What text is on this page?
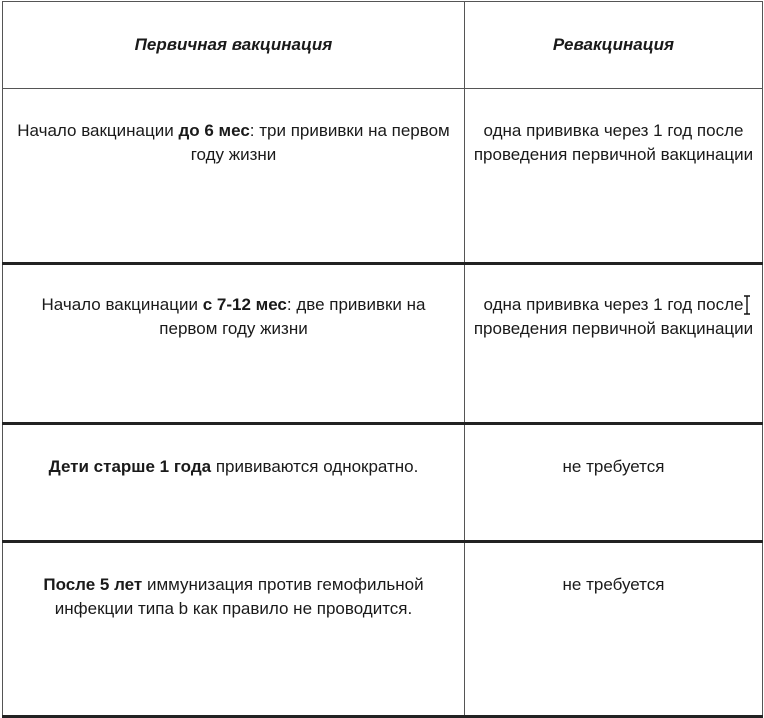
Первичная вакцинация	Ревакцинация
Начало вакцинации до 6 мес: три прививки на первом году жизни	одна прививка через 1 год после проведения первичной вакцинации
Начало вакцинации с 7-12 мес: две прививки на первом году жизни	одна прививка через 1 год после проведения первичной вакцинации
Дети старше 1 года прививаются однократно.	не требуется
После 5 лет иммунизация против гемофильной инфекции типа b как правило не проводится.	не требуется
